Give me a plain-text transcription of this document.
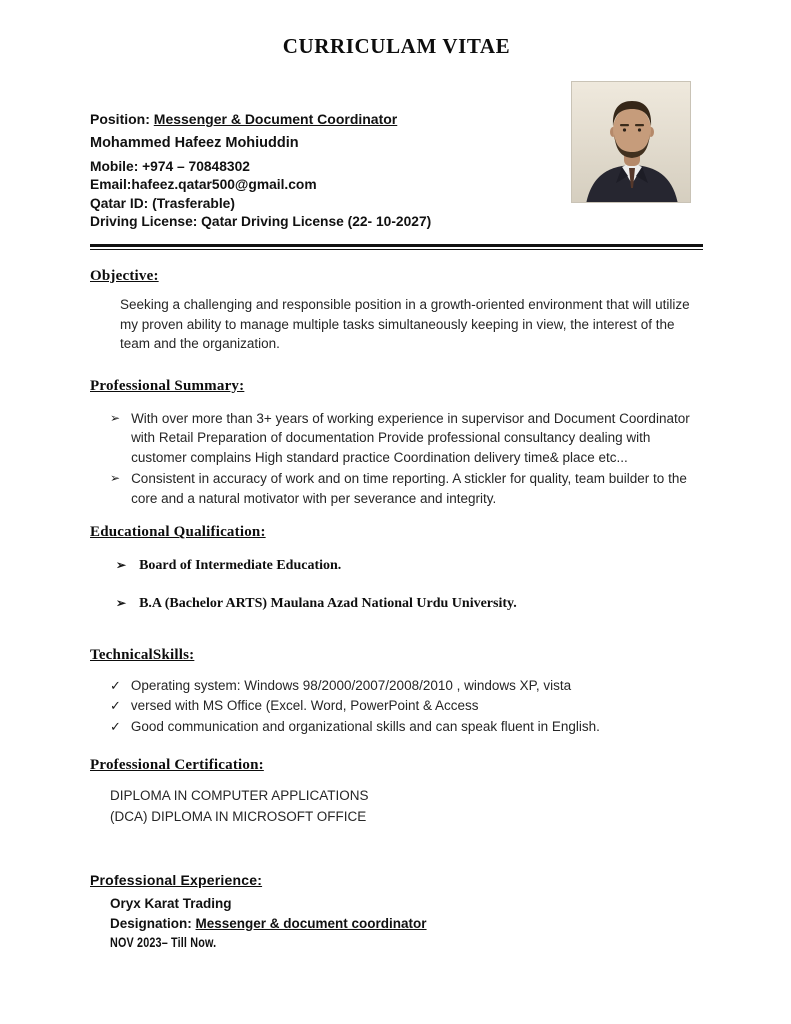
CURRICULAM VITAE

Position: Messenger & Document Coordinator

Mohammed Hafeez Mohiuddin

Mobile: +974 – 70848302

Email:hafeez.qatar500@gmail.com

Qatar ID: (Trasferable)

Driving License: Qatar Driving License (22- 10-2027)

Objective:

Seeking a challenging and responsible position in a growth-oriented environment that will utilize my proven ability to manage multiple tasks simultaneously keeping in view, the interest of the team and the organization.

Professional Summary:
➢ With over more than 3+ years of working experience in supervisor and Document Coordinator with Retail Preparation of documentation Provide professional consultancy dealing with customer complains High standard practice Coordination delivery time& place etc...
➢ Consistent in accuracy of work and on time reporting. A stickler for quality, team builder to the core and a natural motivator with per severance and integrity.
Educational Qualification:
➢ Board of Intermediate Education.
➢ B.A (Bachelor ARTS) Maulana Azad National Urdu University.
TechnicalSkills:
✓ Operating system: Windows 98/2000/2007/2008/2010 , windows XP, vista
✓ versed with MS Office (Excel. Word, PowerPoint & Access
✓ Good communication and organizational skills and can speak fluent in English.
Professional Certification:

DIPLOMA IN COMPUTER APPLICATIONS

(DCA) DIPLOMA IN MICROSOFT OFFICE

Professional Experience:

Oryx Karat Trading

Designation: Messenger & document coordinator

NOV 2023– Till Now.
